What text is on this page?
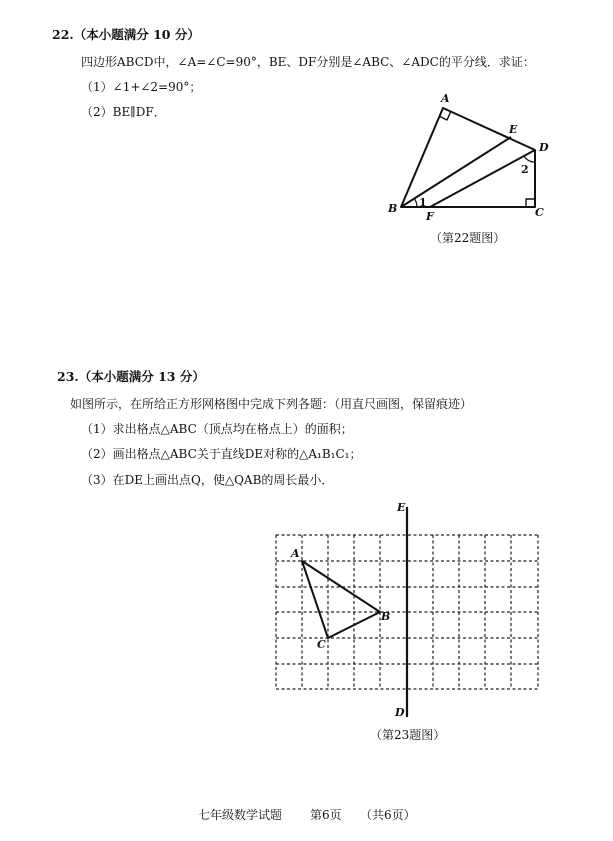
22.（本小题满分 10 分）
四边形ABCD中，∠A=∠C=90°，BE、DF分别是∠ABC、∠ADC的平分线．求证：
（1）∠1+∠2=90°；
（2）BE∥DF．
A
E
D
2
B 1
F	C
（第22题图）
23.（本小题满分 13 分）
如图所示，在所给正方形网格图中完成下列各题：（用直尺画图，保留痕迹）
（1）求出格点△ABC（顶点均在格点上）的面积；
（2）画出格点△ABC关于直线DE对称的△A₁B₁C₁；
（3）在DE上画出点Q，使△QAB的周长最小．
E
A
B
C
D
（第23题图）
七年级数学试题 第6页 （共6页）
